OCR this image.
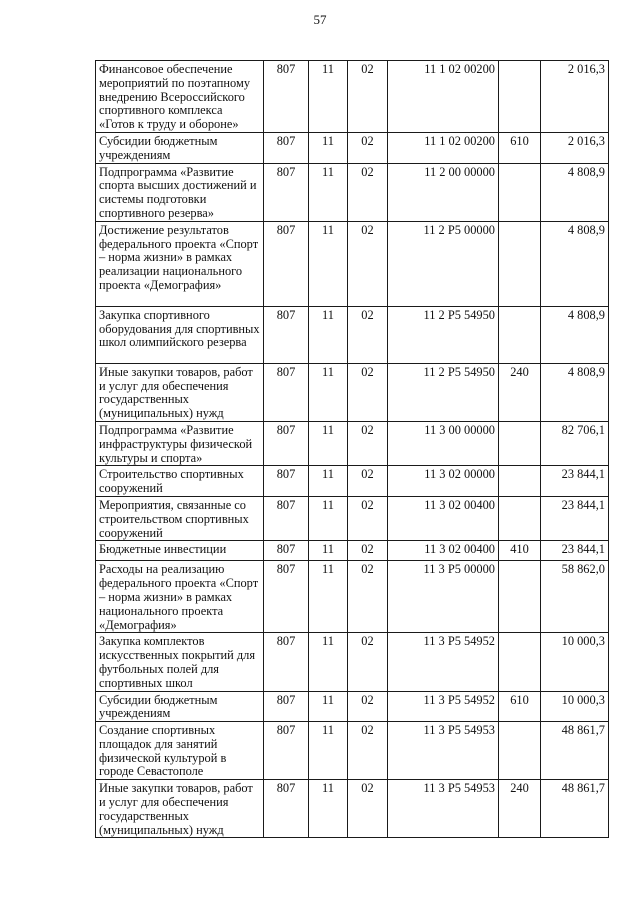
57
Финансовое обеспечение мероприятий по поэтапному внедрению Всероссийского спортивного комплекса «Готов к труду и обороне»	807	11	02	11 1 02 00200		2 016,3
Субсидии бюджетным учреждениям	807	11	02	11 1 02 00200	610	2 016,3
Подпрограмма «Развитие спорта высших достижений и системы подготовки спортивного резерва»	807	11	02	11 2 00 00000		4 808,9
Достижение результатов федерального проекта «Спорт – норма жизни» в рамках реализации национального проекта «Демография»	807	11	02	11 2 P5 00000		4 808,9
Закупка спортивного оборудования для спортивных школ олимпийского резерва	807	11	02	11 2 P5 54950		4 808,9
Иные закупки товаров, работ и услуг для обеспечения государственных (муниципальных) нужд	807	11	02	11 2 P5 54950	240	4 808,9
Подпрограмма «Развитие инфраструктуры физической культуры и спорта»	807	11	02	11 3 00 00000		82 706,1
Строительство спортивных сооружений	807	11	02	11 3 02 00000		23 844,1
Мероприятия, связанные со строительством спортивных сооружений	807	11	02	11 3 02 00400		23 844,1
Бюджетные инвестиции	807	11	02	11 3 02 00400	410	23 844,1
Расходы на реализацию федерального проекта «Спорт – норма жизни» в рамках национального проекта «Демография»	807	11	02	11 3 P5 00000		58 862,0
Закупка комплектов искусственных покрытий для футбольных полей для спортивных школ	807	11	02	11 3 P5 54952		10 000,3
Субсидии бюджетным учреждениям	807	11	02	11 3 P5 54952	610	10 000,3
Создание спортивных площадок для занятий физической культурой в городе Севастополе	807	11	02	11 3 P5 54953		48 861,7
Иные закупки товаров, работ и услуг для обеспечения государственных (муниципальных) нужд	807	11	02	11 3 P5 54953	240	48 861,7
